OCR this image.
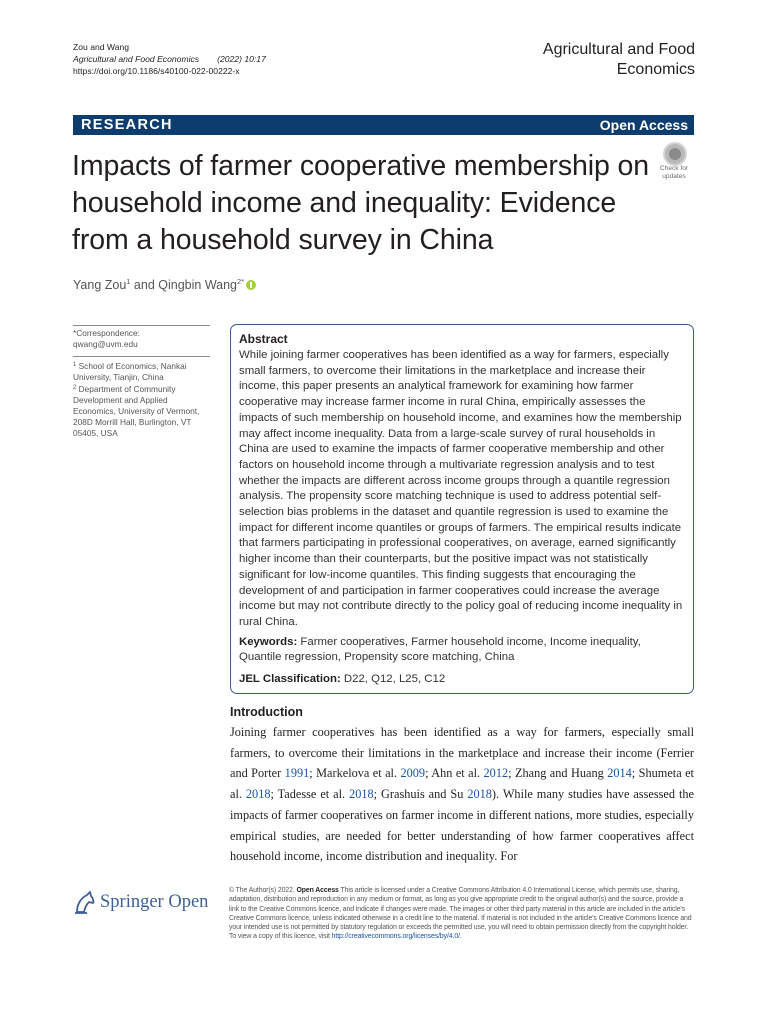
Zou and Wang
Agricultural and Food Economics (2022) 10:17
https://doi.org/10.1186/s40100-022-00222-x
Agricultural and Food
Economics
RESEARCH	Open Access
Impacts of farmer cooperative membership on household income and inequality: Evidence from a household survey in China
Check for
updates
Yang Zou$^1$ and Qingbin Wang$^{2*}$
*Correspondence:
qwang@uvm.edu
$^1$ School of Economics, Nankai University, Tianjin, China
$^2$ Department of Community Development and Applied Economics, University of Vermont, 208D Morrill Hall, Burlington, VT 05405, USA
Abstract
While joining farmer cooperatives has been identified as a way for farmers, especially small farmers, to overcome their limitations in the marketplace and increase their income, this paper presents an analytical framework for examining how farmer cooperative may increase farmer income in rural China, empirically assesses the impacts of such membership on household income, and examines how the membership may affect income inequality. Data from a large-scale survey of rural households in China are used to examine the impacts of farmer cooperative membership and other factors on household income through a multivariate regression analysis and to test whether the impacts are different across income groups through a quantile regression analysis. The propensity score matching technique is used to address potential self-selection bias problems in the dataset and quantile regression is used to examine the impact for different income quantiles or groups of farmers. The empirical results indicate that farmers participating in professional cooperatives, on average, earned significantly higher income than their counterparts, but the positive impact was not statistically significant for low-income quantiles. This finding suggests that encouraging the development of and participation in farmer cooperatives could increase the average income but may not contribute directly to the policy goal of reducing income inequality in rural China.
Keywords: Farmer cooperatives, Farmer household income, Income inequality, Quantile regression, Propensity score matching, China
JEL Classification: D22, Q12, L25, C12
Introduction
Joining farmer cooperatives has been identified as a way for farmers, especially small farmers, to overcome their limitations in the marketplace and increase their income (Ferrier and Porter 1991; Markelova et al. 2009; Ahn et al. 2012; Zhang and Huang 2014; Shumeta et al. 2018; Tadesse et al. 2018; Grashuis and Su 2018). While many studies have assessed the impacts of farmer cooperatives on farmer income in different nations, more studies, especially empirical studies, are needed for better understanding of how farmer cooperatives affect household income, income distribution and inequality. For
Springer Open
© The Author(s) 2022. Open Access This article is licensed under a Creative Commons Attribution 4.0 International License, which permits use, sharing, adaptation, distribution and reproduction in any medium or format, as long as you give appropriate credit to the original author(s) and the source, provide a link to the Creative Commons licence, and indicate if changes were made. The images or other third party material in this article are included in the article's Creative Commons licence, unless indicated otherwise in a credit line to the material. If material is not included in the article's Creative Commons licence and your intended use is not permitted by statutory regulation or exceeds the permitted use, you will need to obtain permission directly from the copyright holder. To view a copy of this licence, visit http://creativecommons.org/licenses/by/4.0/.
